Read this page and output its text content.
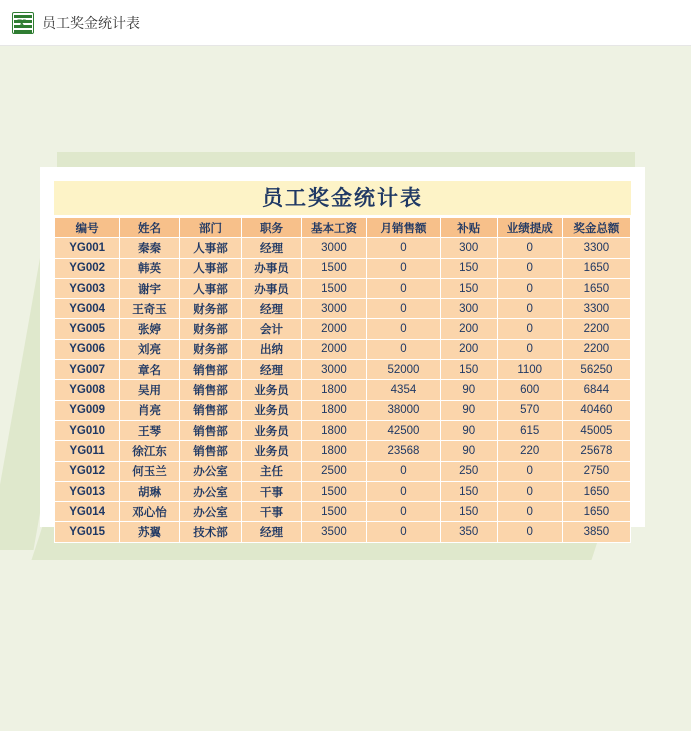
X 员工奖金统计表
员工奖金统计表
编号	姓名	部门	职务	基本工资	月销售额	补贴	业绩提成	奖金总额
YG001	秦秦	人事部	经理	3000	0	300	0	3300
YG002	韩英	人事部	办事员	1500	0	150	0	1650
YG003	谢宇	人事部	办事员	1500	0	150	0	1650
YG004	王奇玉	财务部	经理	3000	0	300	0	3300
YG005	张婷	财务部	会计	2000	0	200	0	2200
YG006	刘亮	财务部	出纳	2000	0	200	0	2200
YG007	章名	销售部	经理	3000	52000	150	1100	56250
YG008	吴用	销售部	业务员	1800	4354	90	600	6844
YG009	肖亮	销售部	业务员	1800	38000	90	570	40460
YG010	王琴	销售部	业务员	1800	42500	90	615	45005
YG011	徐江东	销售部	业务员	1800	23568	90	220	25678
YG012	何玉兰	办公室	主任	2500	0	250	0	2750
YG013	胡琳	办公室	干事	1500	0	150	0	1650
YG014	邓心怡	办公室	干事	1500	0	150	0	1650
YG015	苏翼	技术部	经理	3500	0	350	0	3850
